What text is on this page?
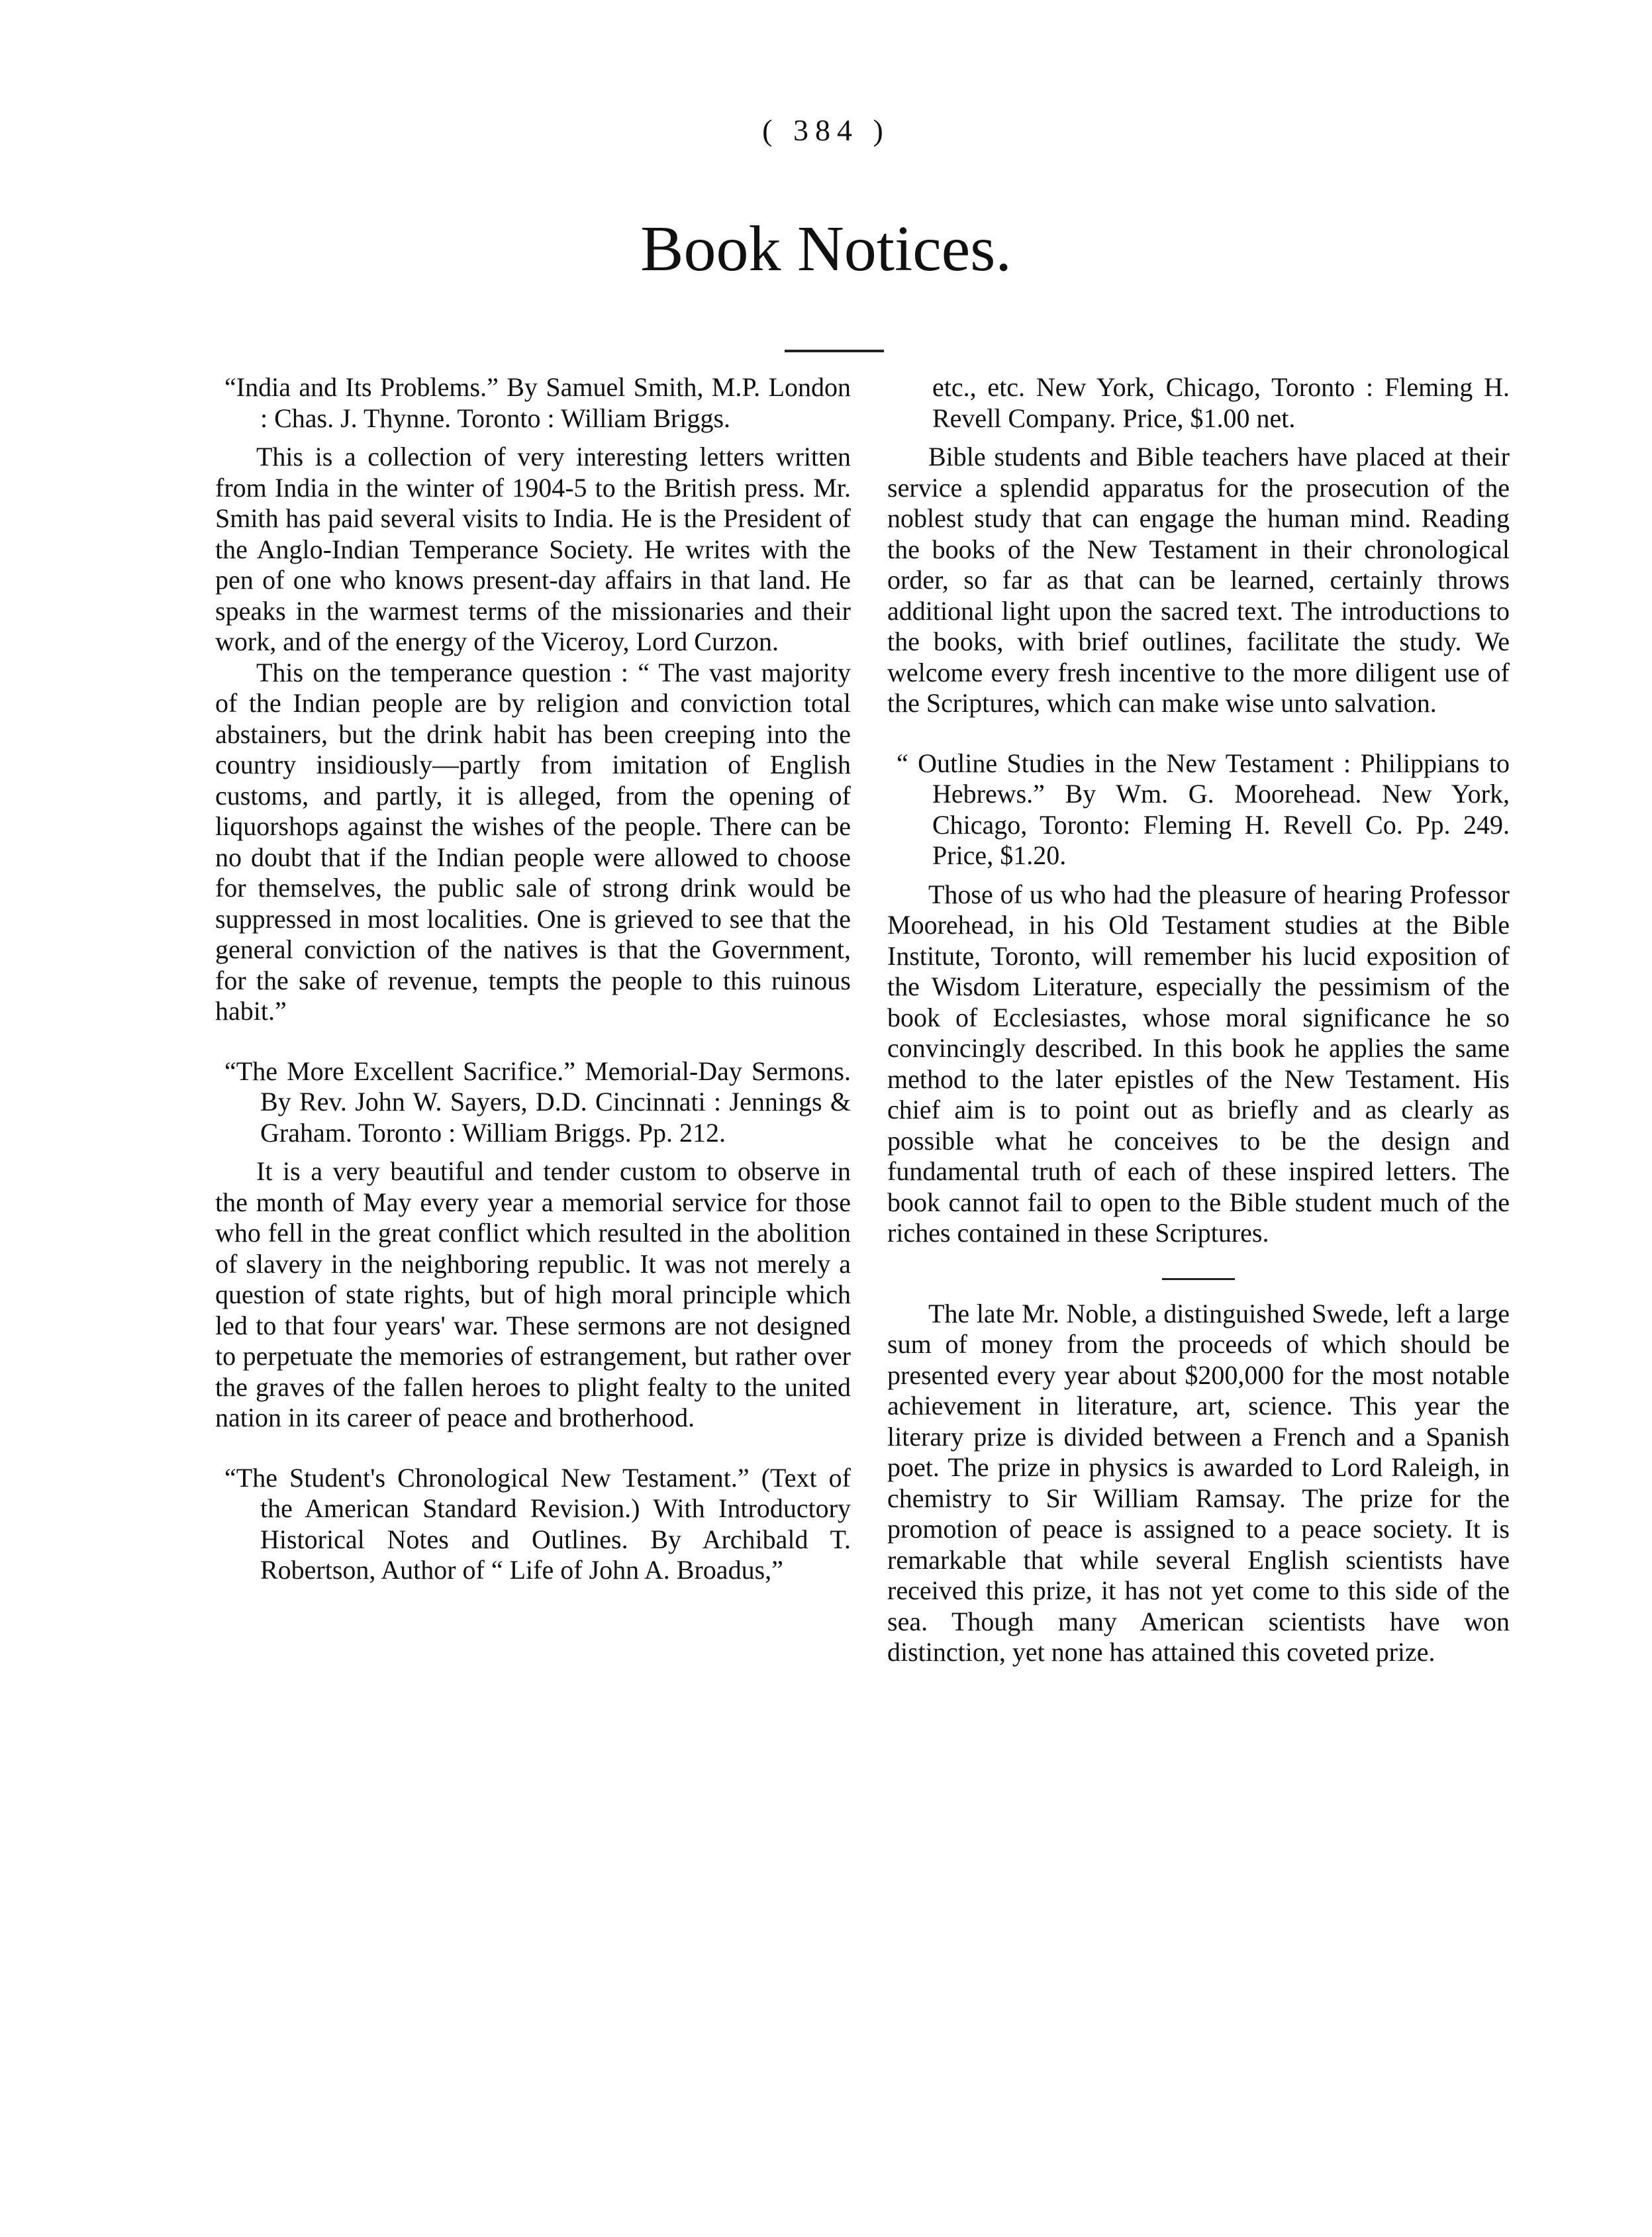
( 384 )
Book Notices.

“India and Its Problems.” By Samuel Smith, M.P. London : Chas. J. Thynne. Toronto : William Briggs.

This is a collection of very interesting letters written from India in the winter of 1904-5 to the British press. Mr. Smith has paid several visits to India. He is the President of the Anglo-Indian Temperance Society. He writes with the pen of one who knows present-day affairs in that land. He speaks in the warmest terms of the missionaries and their work, and of the energy of the Viceroy, Lord Curzon.

This on the temperance question : “ The vast majority of the Indian people are by religion and conviction total abstainers, but the drink habit has been creeping into the country insidiously—partly from imitation of English customs, and partly, it is alleged, from the opening of liquorshops against the wishes of the people. There can be no doubt that if the Indian people were allowed to choose for themselves, the public sale of strong drink would be suppressed in most localities. One is grieved to see that the general conviction of the natives is that the Government, for the sake of revenue, tempts the people to this ruinous habit.”

“The More Excellent Sacrifice.” Memorial-Day Sermons. By Rev. John W. Sayers, D.D. Cincinnati : Jennings & Graham. Toronto : William Briggs. Pp. 212.

It is a very beautiful and tender custom to observe in the month of May every year a memorial service for those who fell in the great conflict which resulted in the abolition of slavery in the neighboring republic. It was not merely a question of state rights, but of high moral principle which led to that four years' war. These sermons are not designed to perpetuate the memories of estrangement, but rather over the graves of the fallen heroes to plight fealty to the united nation in its career of peace and brotherhood.

“The Student's Chronological New Testament.” (Text of the American Standard Revision.) With Introductory Historical Notes and Outlines. By Archibald T. Robertson, Author of “ Life of John A. Broadus,”

etc., etc. New York, Chicago, Toronto : Fleming H. Revell Company. Price, $1.00 net.

Bible students and Bible teachers have placed at their service a splendid apparatus for the prosecution of the noblest study that can engage the human mind. Reading the books of the New Testament in their chronological order, so far as that can be learned, certainly throws additional light upon the sacred text. The introductions to the books, with brief outlines, facilitate the study. We welcome every fresh incentive to the more diligent use of the Scriptures, which can make wise unto salvation.

“ Outline Studies in the New Testament : Philippians to Hebrews.” By Wm. G. Moorehead. New York, Chicago, Toronto: Fleming H. Revell Co. Pp. 249. Price, $1.20.

Those of us who had the pleasure of hearing Professor Moorehead, in his Old Testament studies at the Bible Institute, Toronto, will remember his lucid exposition of the Wisdom Literature, especially the pessimism of the book of Ecclesiastes, whose moral significance he so convincingly described. In this book he applies the same method to the later epistles of the New Testament. His chief aim is to point out as briefly and as clearly as possible what he conceives to be the design and fundamental truth of each of these inspired letters. The book cannot fail to open to the Bible student much of the riches contained in these Scriptures.

The late Mr. Noble, a distinguished Swede, left a large sum of money from the proceeds of which should be presented every year about $200,000 for the most notable achievement in literature, art, science. This year the literary prize is divided between a French and a Spanish poet. The prize in physics is awarded to Lord Raleigh, in chemistry to Sir William Ramsay. The prize for the promotion of peace is assigned to a peace society. It is remarkable that while several English scientists have received this prize, it has not yet come to this side of the sea. Though many American scientists have won distinction, yet none has attained this coveted prize.
